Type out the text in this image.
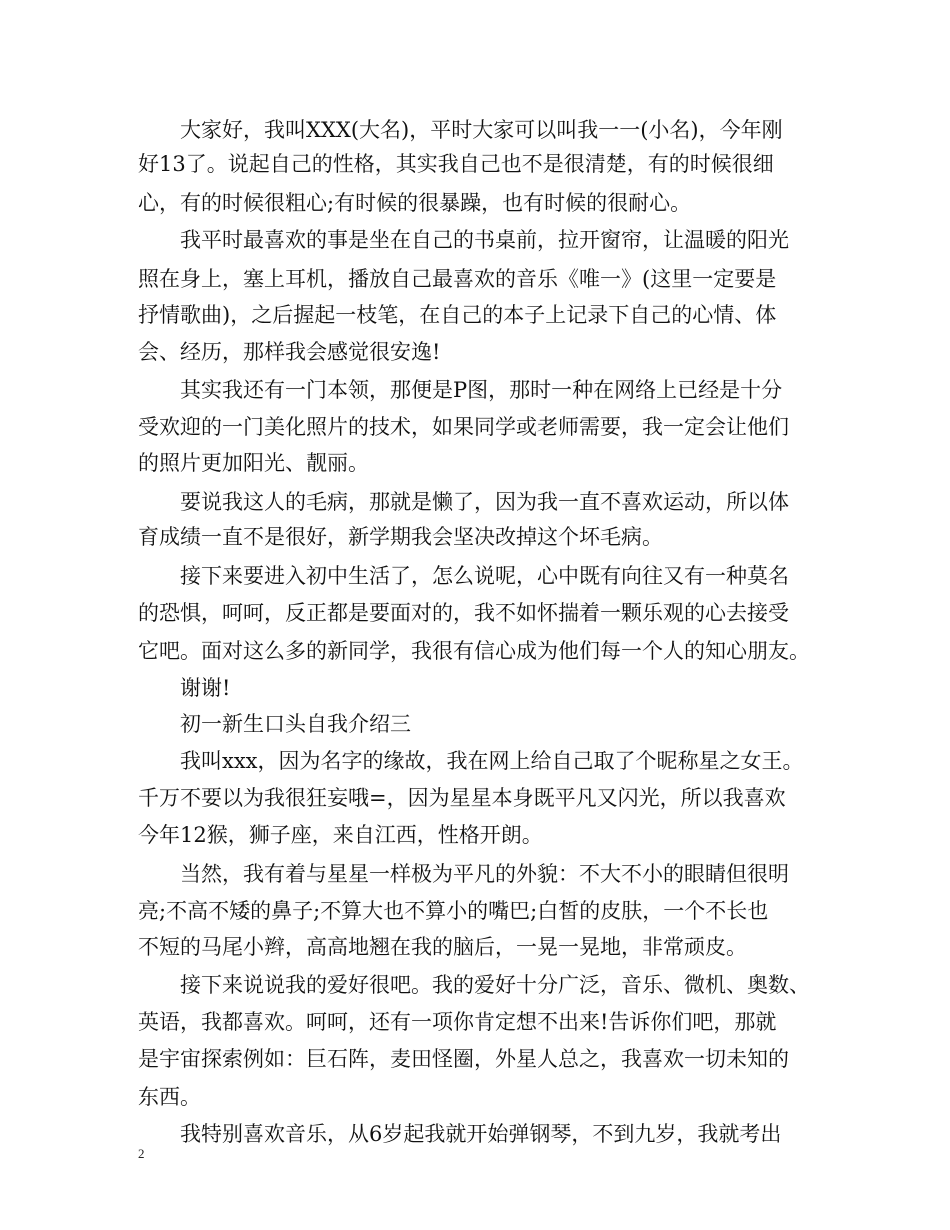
　　大家好，我叫XXX(大名)，平时大家可以叫我一一(小名)，今年刚
好13了。说起自己的性格，其实我自己也不是很清楚，有的时候很细
心，有的时候很粗心;有时候的很暴躁，也有时候的很耐心。
　　我平时最喜欢的事是坐在自己的书桌前，拉开窗帘，让温暖的阳光
照在身上，塞上耳机，播放自己最喜欢的音乐《唯一》(这里一定要是
抒情歌曲)，之后握起一枝笔，在自己的本子上记录下自己的心情、体
会、经历，那样我会感觉很安逸!
　　其实我还有一门本领，那便是P图，那时一种在网络上已经是十分
受欢迎的一门美化照片的技术，如果同学或老师需要，我一定会让他们
的照片更加阳光、靓丽。
　　要说我这人的毛病，那就是懒了，因为我一直不喜欢运动，所以体
育成绩一直不是很好，新学期我会坚决改掉这个坏毛病。
　　接下来要进入初中生活了，怎么说呢，心中既有向往又有一种莫名
的恐惧，呵呵，反正都是要面对的，我不如怀揣着一颗乐观的心去接受
它吧。面对这么多的新同学，我很有信心成为他们每一个人的知心朋友。
　　谢谢!
　　初一新生口头自我介绍三
　　我叫xxx，因为名字的缘故，我在网上给自己取了个昵称星之女王。
千万不要以为我很狂妄哦=，因为星星本身既平凡又闪光，所以我喜欢
今年12猴，狮子座，来自江西，性格开朗。
　　当然，我有着与星星一样极为平凡的外貌：不大不小的眼睛但很明
亮;不高不矮的鼻子;不算大也不算小的嘴巴;白皙的皮肤，一个不长也
不短的马尾小辫，高高地翘在我的脑后，一晃一晃地，非常顽皮。
　　接下来说说我的爱好很吧。我的爱好十分广泛，音乐、微机、奥数、
英语，我都喜欢。呵呵，还有一项你肯定想不出来!告诉你们吧，那就
是宇宙探索例如：巨石阵，麦田怪圈，外星人总之，我喜欢一切未知的
东西。
　　我特别喜欢音乐，从6岁起我就开始弹钢琴，不到九岁，我就考出
2
